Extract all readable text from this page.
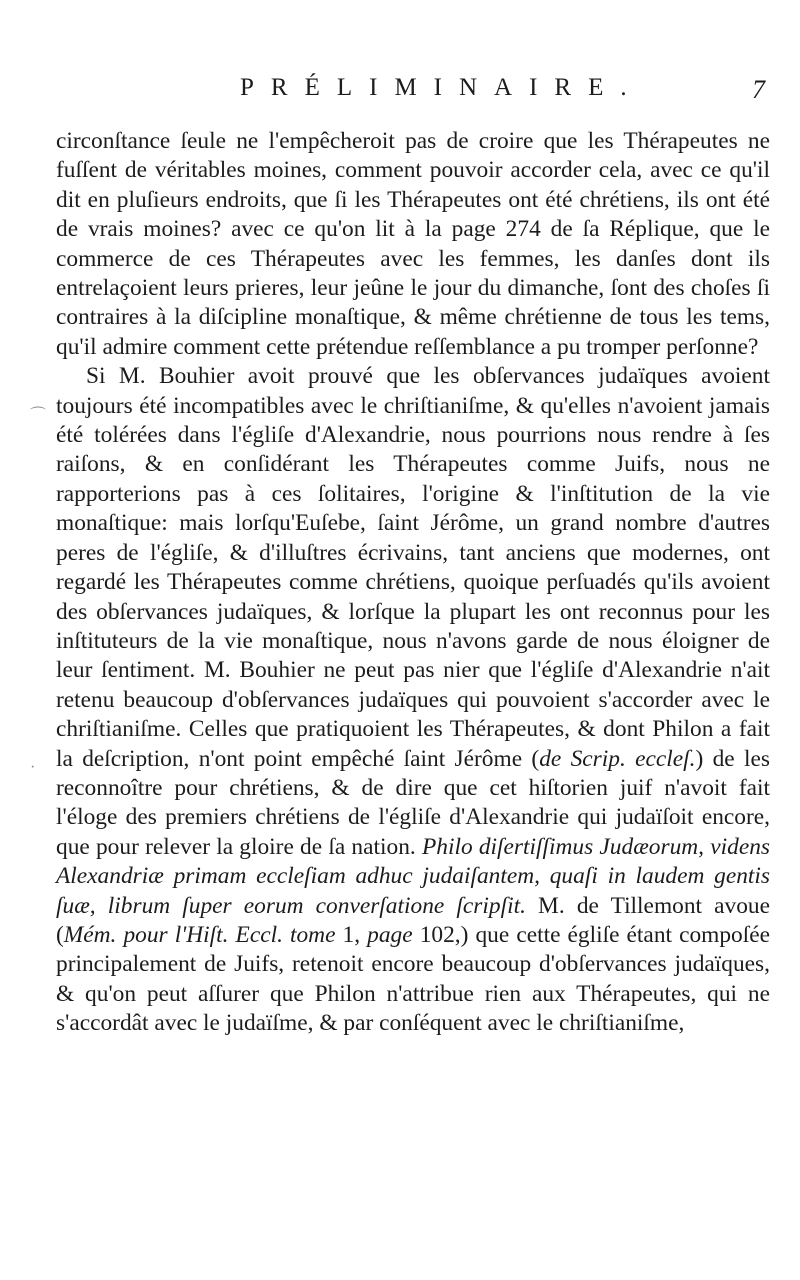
PRÉLIMINAIRE.	7

circonſtance ſeule ne l'empêcheroit pas de croire que les Thérapeutes ne fuſſent de véritables moines, comment pouvoir accorder cela, avec ce qu'il dit en pluſieurs endroits, que ſi les Thérapeutes ont été chrétiens, ils ont été de vrais moines? avec ce qu'on lit à la page 274 de ſa Réplique, que le commerce de ces Thérapeutes avec les femmes, les danſes dont ils entrelaçoient leurs prieres, leur jeûne le jour du dimanche, ſont des choſes ſi contraires à la diſcipline monaſtique, & même chrétienne de tous les tems, qu'il admire comment cette prétendue reſſemblance a pu tromper perſonne?

Si M. Bouhier avoit prouvé que les obſervances judaïques avoient toujours été incompatibles avec le chriſtianiſme, & qu'elles n'avoient jamais été tolérées dans l'égliſe d'Alexandrie, nous pourrions nous rendre à ſes raiſons, & en conſidérant les Thérapeutes comme Juifs, nous ne rapporterions pas à ces ſolitaires, l'origine & l'inſtitution de la vie monaſtique: mais lorſqu'Euſebe, ſaint Jérôme, un grand nombre d'autres peres de l'égliſe, & d'illuſtres écrivains, tant anciens que modernes, ont regardé les Thérapeutes comme chrétiens, quoique perſuadés qu'ils avoient des obſervances judaïques, & lorſque la plupart les ont reconnus pour les inſtituteurs de la vie monaſtique, nous n'avons garde de nous éloigner de leur ſentiment. M. Bouhier ne peut pas nier que l'égliſe d'Alexandrie n'ait retenu beaucoup d'obſervances judaïques qui pouvoient s'accorder avec le chriſtianiſme. Celles que pratiquoient les Thérapeutes, & dont Philon a fait la deſcription, n'ont point empêché ſaint Jérôme (de Scrip. eccleſ.) de les reconnoître pour chrétiens, & de dire que cet hiſtorien juif n'avoit fait l'éloge des premiers chrétiens de l'égliſe d'Alexandrie qui judaïſoit encore, que pour relever la gloire de ſa nation. Philo diſertiſſimus Judæorum, videns Alexandriæ primam eccleſiam adhuc judaiſantem, quaſi in laudem gentis ſuæ, librum ſuper eorum converſatione ſcripſit. M. de Tillemont avoue (Mém. pour l'Hiſt. Eccl. tome 1, page 102,) que cette égliſe étant compoſée principalement de Juifs, retenoit encore beaucoup d'obſervances judaïques, & qu'on peut aſſurer que Philon n'attribue rien aux Thérapeutes, qui ne s'accordât avec le judaïſme, & par conſéquent avec le chriſtianiſme,

⌒
·
